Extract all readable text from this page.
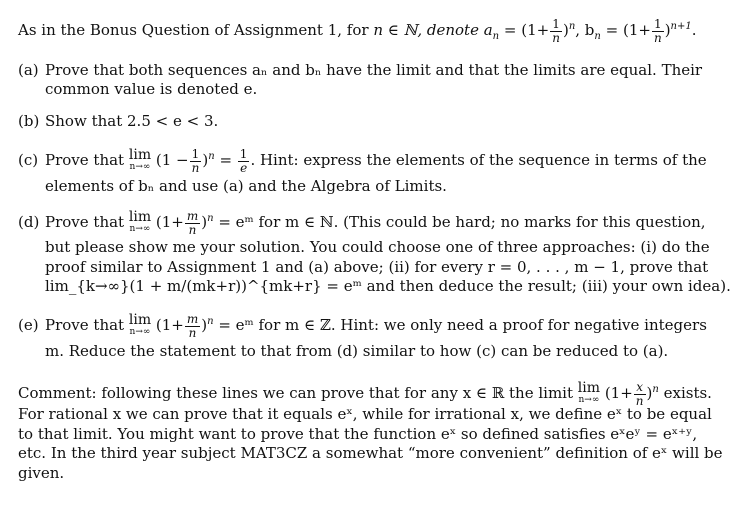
As in the Bonus Question of Assignment 1, for n ∈ ℕ, denote $a_n = (1+ \frac{1}{n} )^n$, $b_n = (1+ \frac{1}{n} )^{n+1}$.
(a) Prove that both sequences aₙ and bₙ have the limit and that the limits are equal. Their
common value is denoted e.
(b) Show that 2.5 < e < 3.
(c) Prove that lim
n→∞ $(1 - \frac{1}{n} )^n = \frac{1}{e}$ . Hint: express the elements of the sequence in terms of the
elements of bₙ and use (a) and the Algebra of Limits.
(d) Prove that lim
n→∞ $(1+ \frac{m}{n} )^n$ = eᵐ for m ∈ ℕ. (This could be hard; no marks for this question,
but please show me your solution. You could choose one of three approaches: (i) do the
proof similar to Assignment 1 and (a) above; (ii) for every r = 0, . . . , m − 1, prove that
lim_{k→∞}(1 + m/(mk+r))^{mk+r} = eᵐ and then deduce the result; (iii) your own idea).
(e) Prove that lim
n→∞ $(1+ \frac{m}{n} )^n$ = eᵐ for m ∈ ℤ. Hint: we only need a proof for negative integers
m. Reduce the statement to that from (d) similar to how (c) can be reduced to (a).
Comment: following these lines we can prove that for any x ∈ ℝ the limit lim
n→∞ $(1+ \frac{x}{n} )^n$ exists.
For rational x we can prove that it equals eˣ, while for irrational x, we define eˣ to be equal
to that limit. You might want to prove that the function eˣ so defined satisfies eˣeʸ = eˣ⁺ʸ,
etc. In the third year subject MAT3CZ a somewhat “more convenient” definition of eˣ will be
given.
